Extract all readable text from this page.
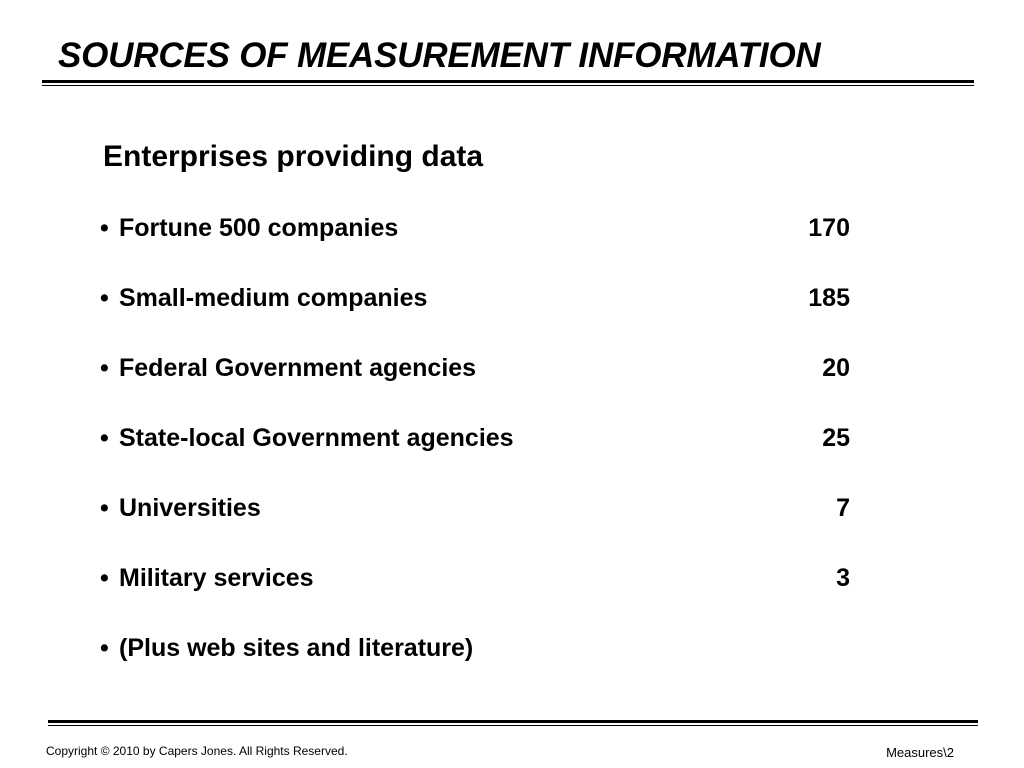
SOURCES OF MEASUREMENT INFORMATION
Enterprises providing data
• Fortune 500 companies	170
• Small-medium companies	185
• Federal Government agencies	20
• State-local Government agencies	25
• Universities	7
• Military services	3
• (Plus web sites and literature)
Copyright © 2010 by Capers Jones. All Rights Reserved.	Measures\2
